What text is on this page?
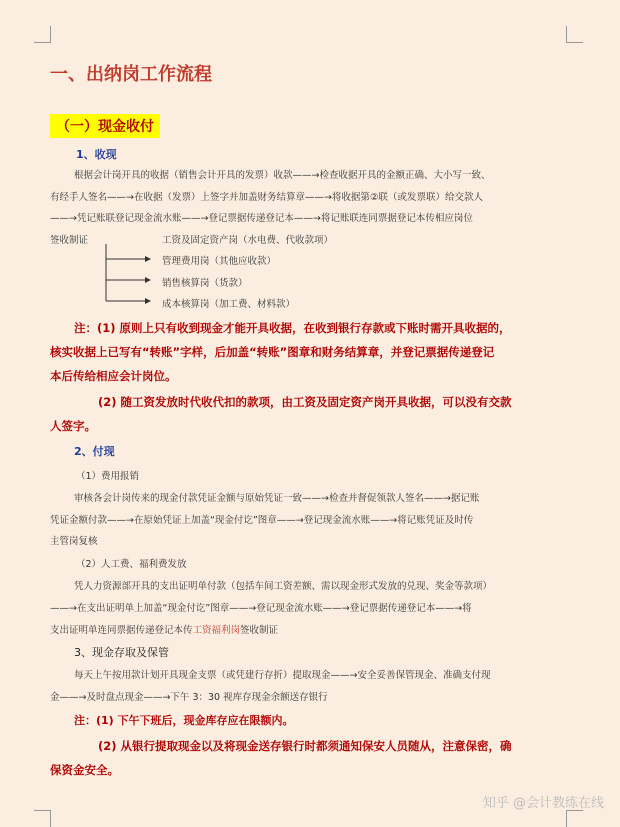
一、出纳岗工作流程
（一）现金收付
1、收现
根据会计岗开具的收据（销售会计开具的发票）收款——→检查收据开具的金额正确、大小写一致、
有经手人签名——→在收据（发票）上签字并加盖财务结算章——→将收据第②联（或发票联）给交款人
——→凭记账联登记现金流水账——→登记票据传递登记本——→将记账联连同票据登记本传相应岗位
签收制证	工资及固定资产岗（水电费、代收款项）
管理费用岗（其他应收款）
销售核算岗（货款）
成本核算岗（加工费、材料款）
注：(1) 原则上只有收到现金才能开具收据，在收到银行存款或下账时需开具收据的，
核实收据上已写有“转账”字样，后加盖“转账”图章和财务结算章，并登记票据传递登记
本后传给相应会计岗位。
(2) 随工资发放时代收代扣的款项，由工资及固定资产岗开具收据，可以没有交款
人签字。
2、付现
（1）费用报销
审核各会计岗传来的现金付款凭证金额与原始凭证一致——→检查并督促领款人签名——→据记账
凭证金额付款——→在原始凭证上加盖“现金付讫”图章——→登记现金流水账——→将记账凭证及时传
主管岗复核
（2）人工费、福利费发放
凭人力资源部开具的支出证明单付款（包括车间工资差额、需以现金形式发放的兑现、奖金等款项）
——→在支出证明单上加盖“现金付讫”图章——→登记现金流水账——→登记票据传递登记本——→将
支出证明单连同票据传递登记本传工资福利岗签收制证
3、现金存取及保管
每天上午按用款计划开具现金支票（或凭建行存折）提取现金——→安全妥善保管现金、准确支付现
金——→及时盘点现金——→下午 3：30 视库存现金余额送存银行
注：(1) 下午下班后，现金库存应在限额内。
(2) 从银行提取现金以及将现金送存银行时都须通知保安人员随从，注意保密，确
保资金安全。
知乎 @会计教练在线
